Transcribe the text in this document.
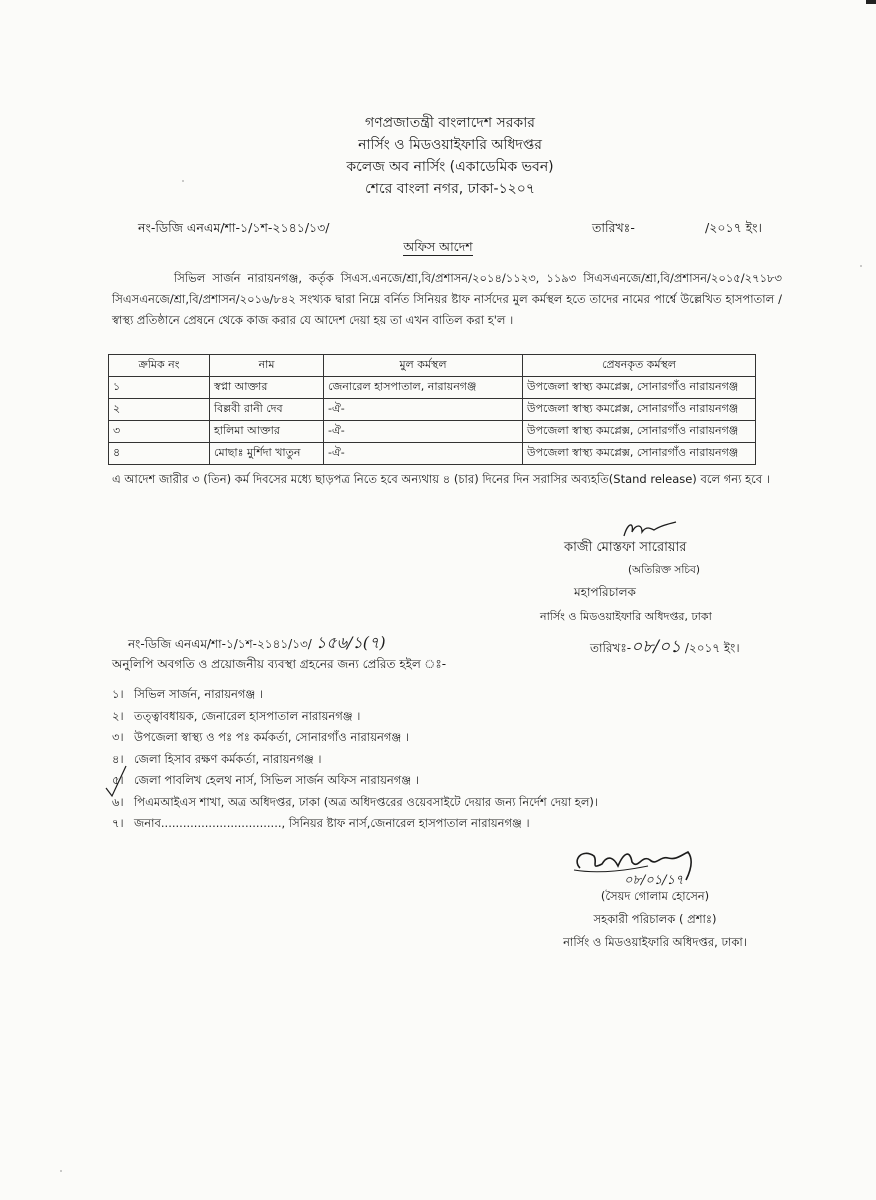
গণপ্রজাতন্ত্রী বাংলাদেশ সরকার
নার্সিং ও মিডওয়াইফারি অধিদপ্তর
কলেজ অব নার্সিং (একাডেমিক ভবন)
শেরে বাংলা নগর, ঢাকা-১২০৭
নং-ডিজি এনএম/শা-১/১শ-২১৪১/১৩/	তারিখঃ-	/২০১৭ ইং।
অফিস আদেশ
সিভিল সার্জন নারায়নগঞ্জ, কর্তৃক সিএস.এনজে/শ্রা,বি/প্রশাসন/২০১৪/১১২৩, ১১৯৩ সিএসএনজে/শ্রা,বি/প্রশাসন/২০১৫/২৭১৮৩ সিএসএনজে/শ্রা,বি/প্রশাসন/২০১৬/৮৪২ সংখ্যক দ্বারা নিম্নে বর্নিত সিনিয়র ষ্টাফ নার্সদের মুল কর্মস্থল হতে তাদের নামের পার্শ্বে উল্লেখিত হাসপাতাল / স্বাস্থ্য প্রতিষ্ঠানে প্রেষনে থেকে কাজ করার যে আদেশ দেয়া হয় তা এখন বাতিল করা হ'ল ।
ক্রমিক নং	নাম	মুল কর্মস্থল	প্রেষনকৃত কর্মস্থল
১	স্বপ্না আক্তার	জেনারেল হাসপাতাল, নারায়নগঞ্জ	উপজেলা স্বাস্থ্য কমপ্লেক্স, সোনারগাঁও নারায়নগঞ্জ
২	বিল্লবী রানী দেব	-ঐ-	উপজেলা স্বাস্থ্য কমপ্লেক্স, সোনারগাঁও নারায়নগঞ্জ
৩	হালিমা আক্তার	-ঐ-	উপজেলা স্বাস্থ্য কমপ্লেক্স, সোনারগাঁও নারায়নগঞ্জ
৪	মোছাঃ মুর্শিদা খাতুন	-ঐ-	উপজেলা স্বাস্থ্য কমপ্লেক্স, সোনারগাঁও নারায়নগঞ্জ
এ আদেশ জারীর ৩ (তিন) কর্ম দিবসের মধ্যে ছাড়পত্র নিতে হবে অন্যথায় ৪ (চার) দিনের দিন সরাসির অব্যহতি(Stand release) বলে গন্য হবে ।
কাজী মোস্তফা সারোয়ার
(অতিরিক্ত সচিব)
মহাপরিচালক
নার্সিং ও মিডওয়াইফারি অধিদপ্তর, ঢাকা
নং-ডিজি এনএম/শা-১/১শ-২১৪১/১৩/ ১৫৬/১(৭)	তারিখঃ-০৮/০১ /২০১৭ ইং।
অনুলিপি অবগতি ও প্রয়োজনীয় ব্যবস্থা গ্রহনের জন্য প্রেরিত হইল ঃ-
১। সিভিল সার্জন, নারায়নগঞ্জ ।
২। তত্ত্বাবধায়ক, জেনারেল হাসপাতাল নারায়নগঞ্জ ।
৩। উপজেলা স্বাস্থ্য ও পঃ পঃ কর্মকর্তা, সোনারগাঁও নারায়নগঞ্জ ।
৪। জেলা হিসাব রক্ষণ কর্মকর্তা, নারায়নগঞ্জ ।
৫। জেলা পাবলিখ হেলথ নার্স, সিভিল সার্জন অফিস নারায়নগঞ্জ ।
৬। পিএমআইএস শাখা, অত্র অধিদপ্তর, ঢাকা (অত্র অধিদপ্তরের ওয়েবসাইটে দেয়ার জন্য নির্দেশ দেয়া হল)।
৭। জনাব................................., সিনিয়র ষ্টাফ নার্স,জেনারেল হাসপাতাল নারায়নগঞ্জ ।
০৮/০১/১৭
(সৈয়দ গোলাম হোসেন)
সহকারী পরিচালক ( প্রশাঃ)
নার্সিং ও মিডওয়াইফারি অধিদপ্তর, ঢাকা।
